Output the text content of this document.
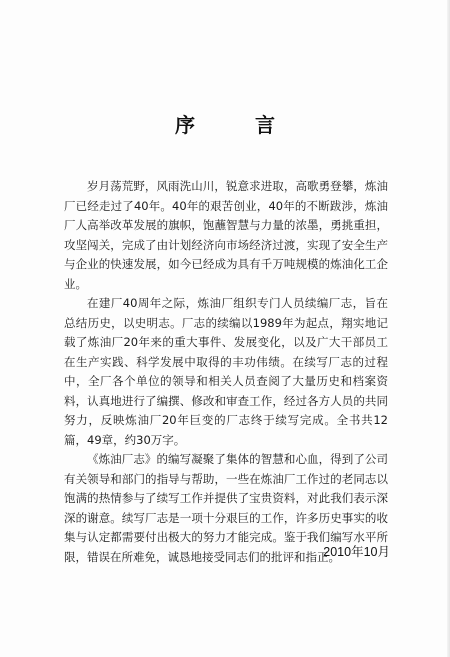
序　言

岁月荡荒野，风雨洗山川，锐意求进取，高歌勇登攀，炼油厂已经走过了40年。40年的艰苦创业，40年的不断跋涉，炼油厂人高举改革发展的旗帜，饱蘸智慧与力量的浓墨，勇挑重担，攻坚闯关，完成了由计划经济向市场经济过渡，实现了安全生产与企业的快速发展，如今已经成为具有千万吨规模的炼油化工企业。

在建厂40周年之际，炼油厂组织专门人员续编厂志，旨在总结历史，以史明志。厂志的续编以1989年为起点，翔实地记载了炼油厂20年来的重大事件、发展变化，以及广大干部员工在生产实践、科学发展中取得的丰功伟绩。在续写厂志的过程中，全厂各个单位的领导和相关人员查阅了大量历史和档案资料，认真地进行了编撰、修改和审查工作，经过各方人员的共同努力，反映炼油厂20年巨变的厂志终于续写完成。全书共12篇，49章，约30万字。

《炼油厂志》的编写凝聚了集体的智慧和心血，得到了公司有关领导和部门的指导与帮助，一些在炼油厂工作过的老同志以饱满的热情参与了续写工作并提供了宝贵资料，对此我们表示深深的谢意。续写厂志是一项十分艰巨的工作，许多历史事实的收集与认定都需要付出极大的努力才能完成。鉴于我们编写水平所限，错误在所难免，诚恳地接受同志们的批评和指正。

2010年10月
